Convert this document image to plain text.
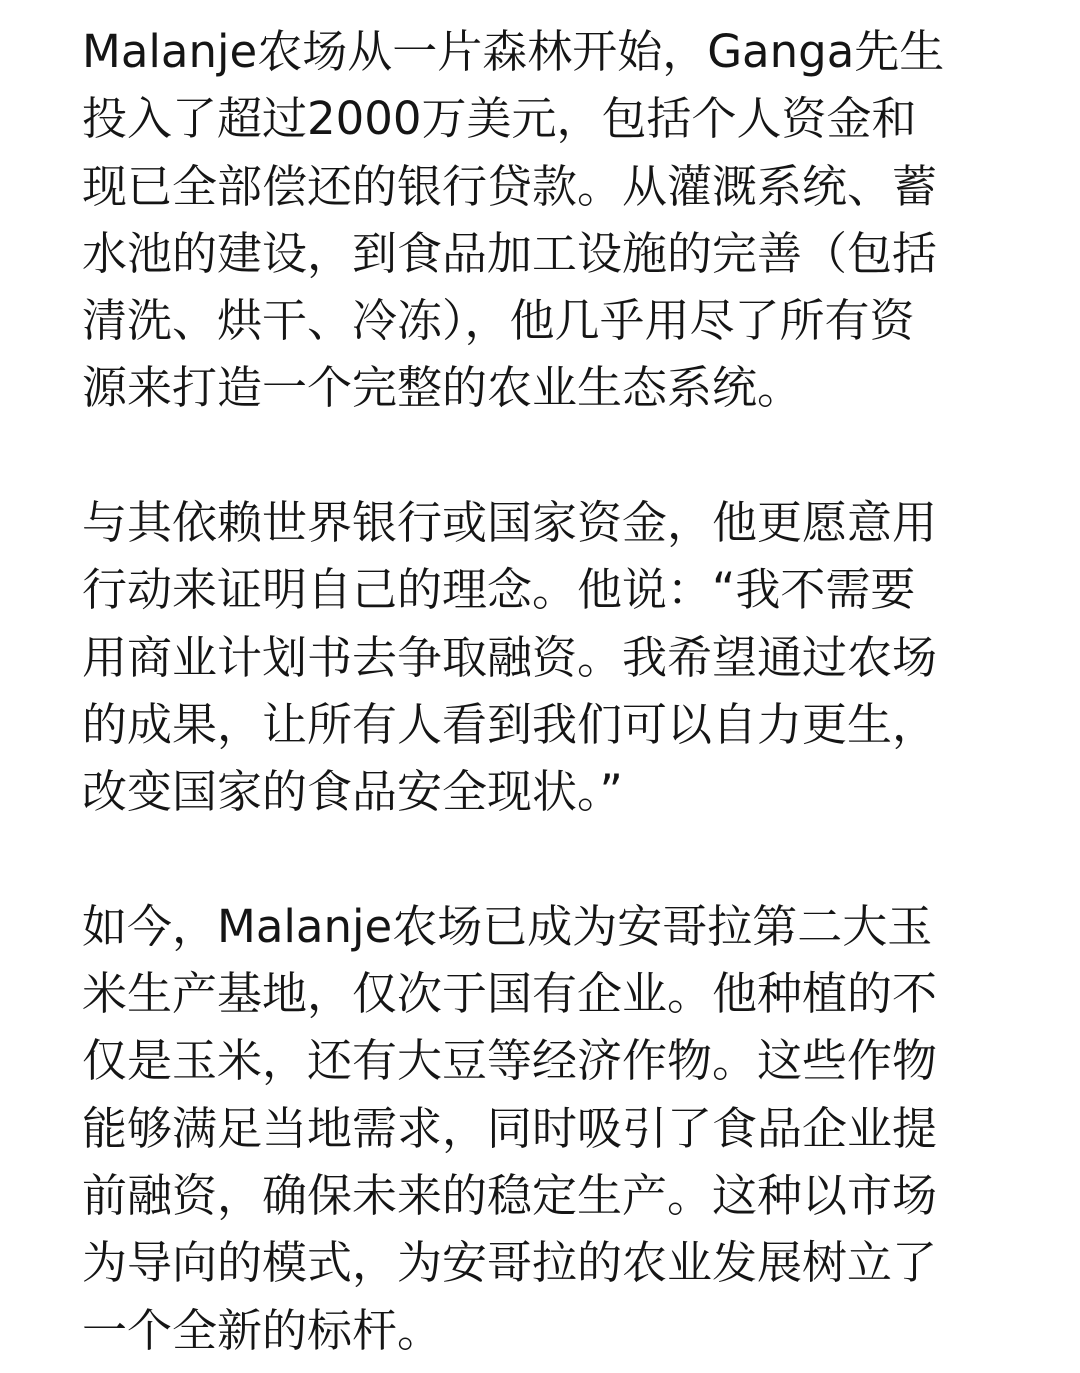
Malanje农场从一片森林开始，Ganga先生
投入了超过2000万美元，包括个人资金和
现已全部偿还的银行贷款。从灌溉系统、蓄
水池的建设，到食品加工设施的完善（包括
清洗、烘干、冷冻），他几乎用尽了所有资
源来打造一个完整的农业生态系统。
与其依赖世界银行或国家资金，他更愿意用
行动来证明自己的理念。他说：“我不需要
用商业计划书去争取融资。我希望通过农场
的成果，让所有人看到我们可以自力更生，
改变国家的食品安全现状。”
如今，Malanje农场已成为安哥拉第二大玉
米生产基地，仅次于国有企业。他种植的不
仅是玉米，还有大豆等经济作物。这些作物
能够满足当地需求，同时吸引了食品企业提
前融资，确保未来的稳定生产。这种以市场
为导向的模式，为安哥拉的农业发展树立了
一个全新的标杆。
